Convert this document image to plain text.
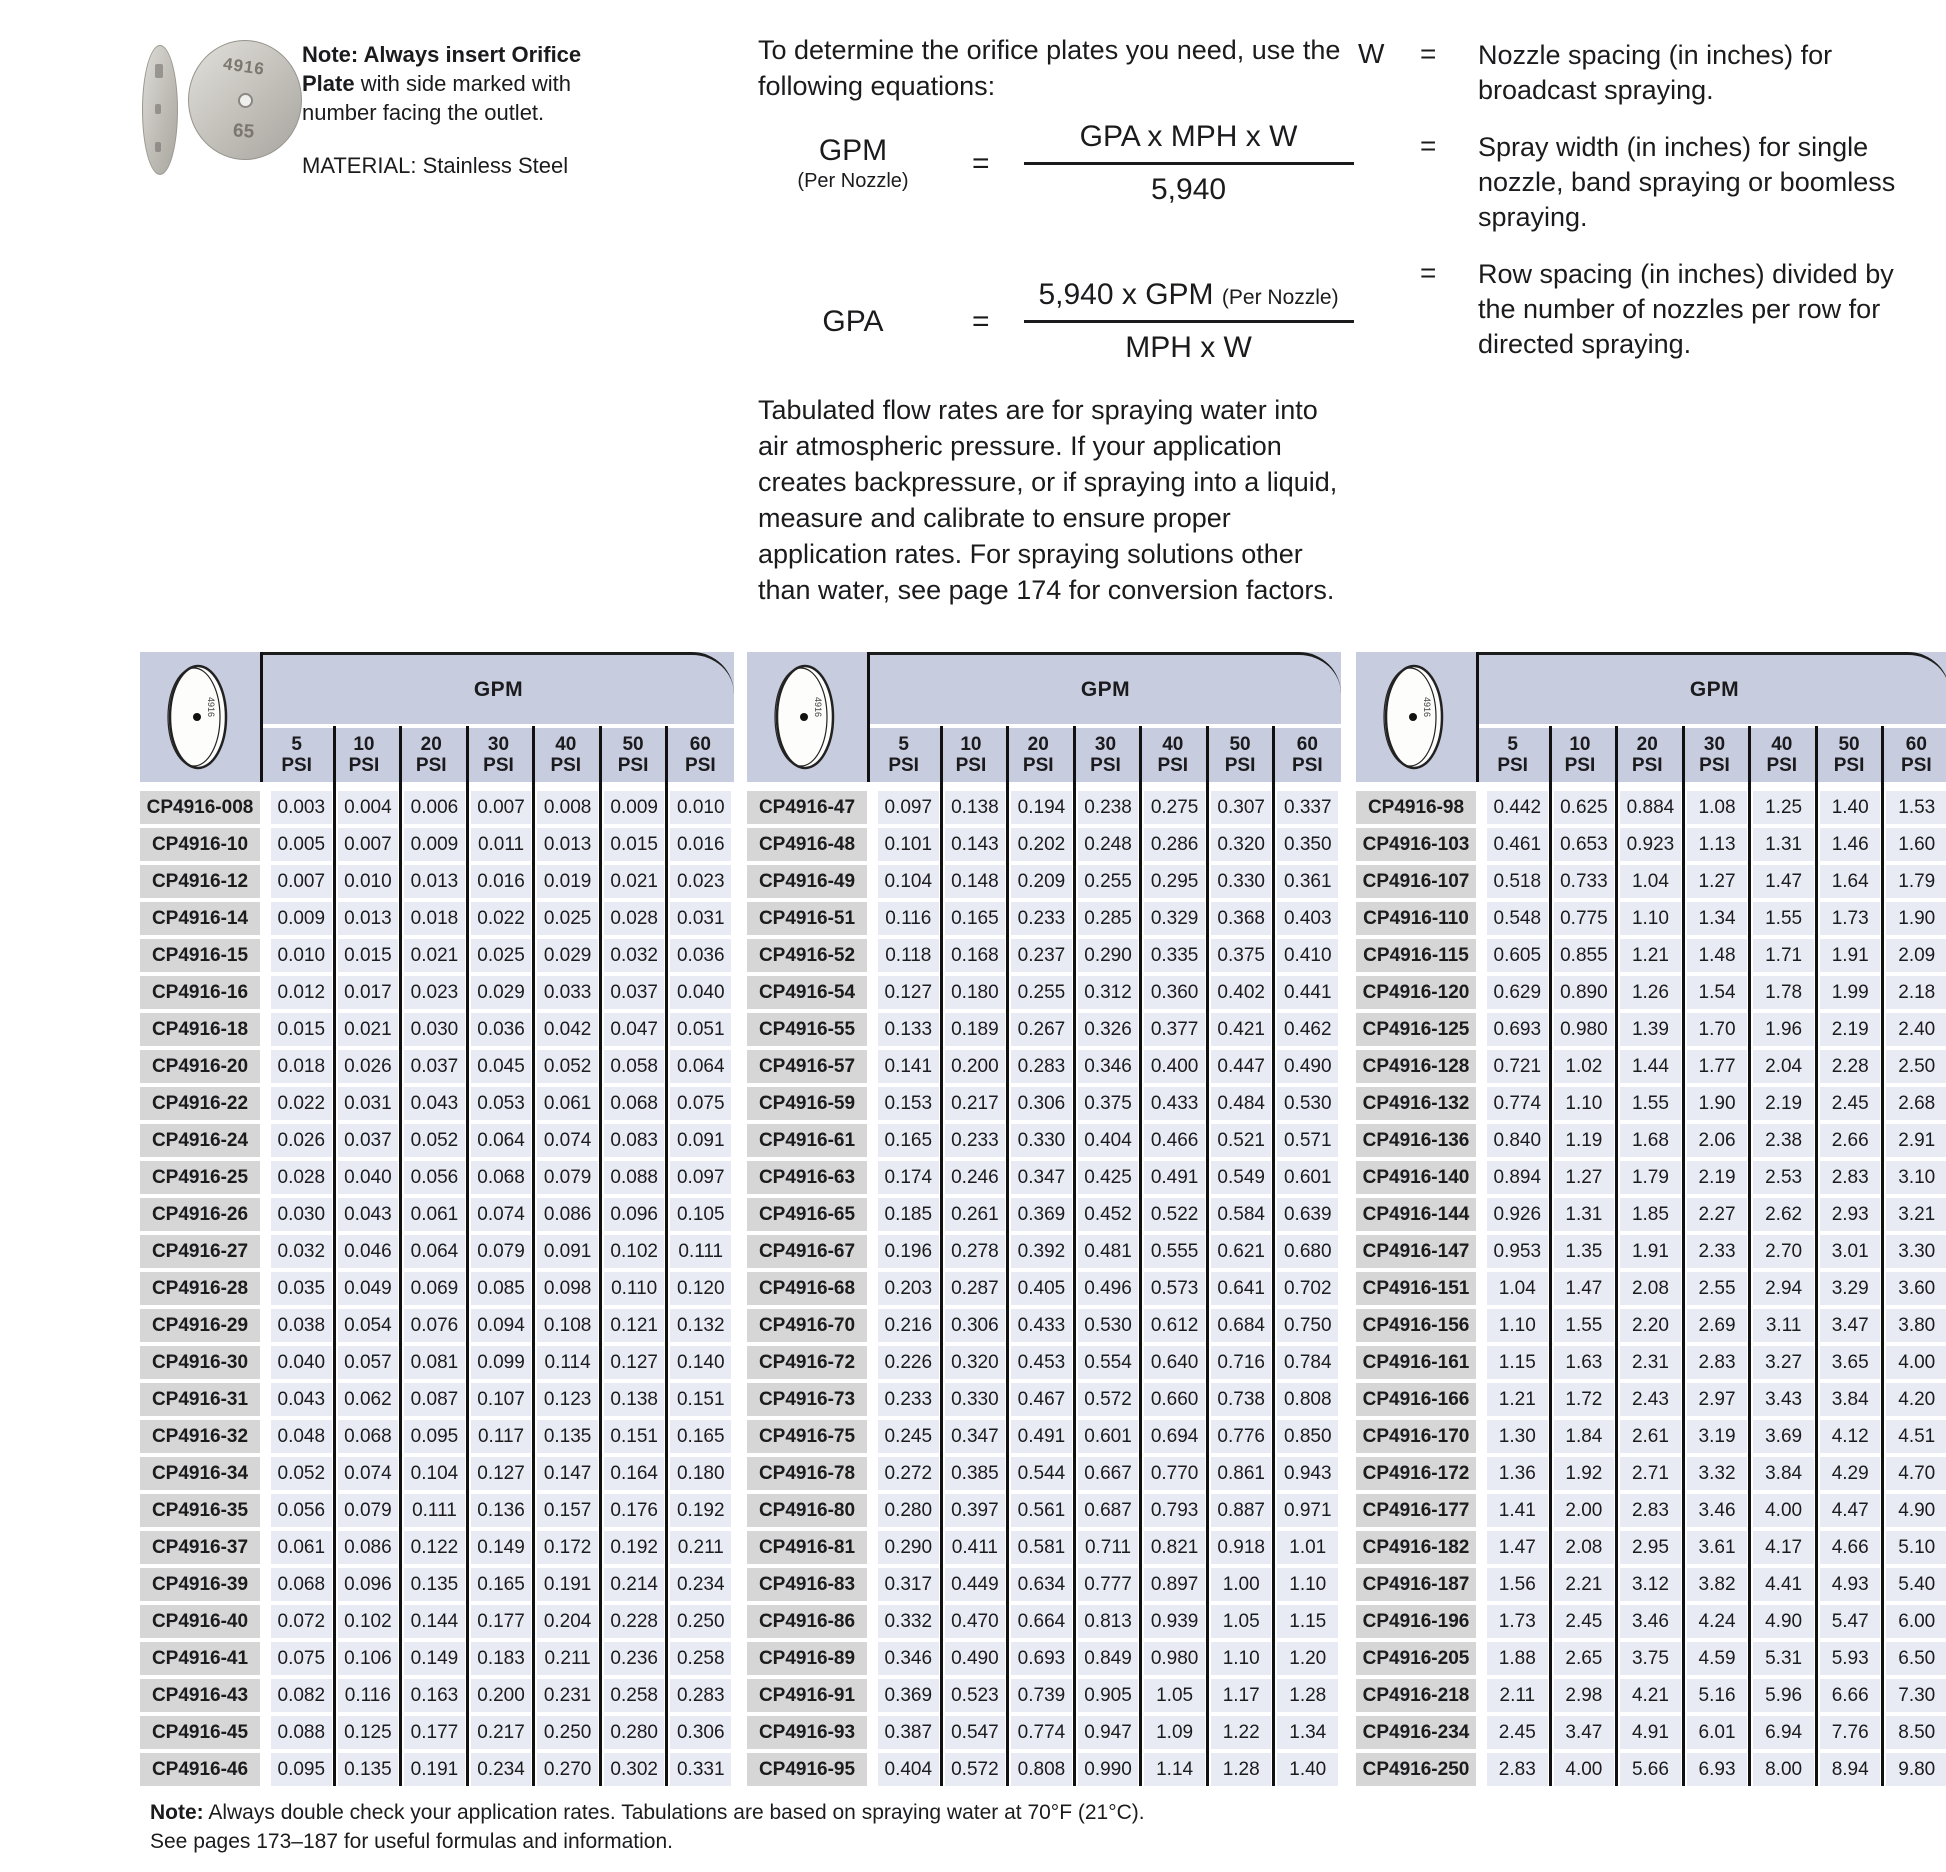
4916
65
Note: Always insert Orifice Plate with side marked with number facing the outlet.
MATERIAL: Stainless Steel
To determine the orifice plates you need, use the following equations:
GPM
(Per Nozzle)
= $\frac{\text{GPA x MPH x W}}{5,940}$
GPA	= $\frac{\text{5,940 x GPM (Per Nozzle)}}{\text{MPH x W}}$
Tabulated flow rates are for spraying water into air atmospheric pressure. If your application creates backpressure, or if spraying into a liquid, measure and calibrate to ensure proper application rates. For spraying solutions other than water, see page 174 for conversion factors.
W	=	Nozzle spacing (in inches) for broadcast spraying.
=	Spray width (in inches) for single nozzle, band spraying or boomless spraying.
=	Row spacing (in inches) divided by the number of nozzles per row for directed spraying.
4916
GPM
5
PSI
10
PSI
20
PSI
30
PSI
40
PSI
50
PSI
60
PSI
CP4916-008	0.003	0.004	0.006	0.007	0.008	0.009	0.010
CP4916-10	0.005	0.007	0.009	0.011	0.013	0.015	0.016
CP4916-12	0.007	0.010	0.013	0.016	0.019	0.021	0.023
CP4916-14	0.009	0.013	0.018	0.022	0.025	0.028	0.031
CP4916-15	0.010	0.015	0.021	0.025	0.029	0.032	0.036
CP4916-16	0.012	0.017	0.023	0.029	0.033	0.037	0.040
CP4916-18	0.015	0.021	0.030	0.036	0.042	0.047	0.051
CP4916-20	0.018	0.026	0.037	0.045	0.052	0.058	0.064
CP4916-22	0.022	0.031	0.043	0.053	0.061	0.068	0.075
CP4916-24	0.026	0.037	0.052	0.064	0.074	0.083	0.091
CP4916-25	0.028	0.040	0.056	0.068	0.079	0.088	0.097
CP4916-26	0.030	0.043	0.061	0.074	0.086	0.096	0.105
CP4916-27	0.032	0.046	0.064	0.079	0.091	0.102	0.111
CP4916-28	0.035	0.049	0.069	0.085	0.098	0.110	0.120
CP4916-29	0.038	0.054	0.076	0.094	0.108	0.121	0.132
CP4916-30	0.040	0.057	0.081	0.099	0.114	0.127	0.140
CP4916-31	0.043	0.062	0.087	0.107	0.123	0.138	0.151
CP4916-32	0.048	0.068	0.095	0.117	0.135	0.151	0.165
CP4916-34	0.052	0.074	0.104	0.127	0.147	0.164	0.180
CP4916-35	0.056	0.079	0.111	0.136	0.157	0.176	0.192
CP4916-37	0.061	0.086	0.122	0.149	0.172	0.192	0.211
CP4916-39	0.068	0.096	0.135	0.165	0.191	0.214	0.234
CP4916-40	0.072	0.102	0.144	0.177	0.204	0.228	0.250
CP4916-41	0.075	0.106	0.149	0.183	0.211	0.236	0.258
CP4916-43	0.082	0.116	0.163	0.200	0.231	0.258	0.283
CP4916-45	0.088	0.125	0.177	0.217	0.250	0.280	0.306
CP4916-46	0.095	0.135	0.191	0.234	0.270	0.302	0.331
4916
GPM
5
PSI
10
PSI
20
PSI
30
PSI
40
PSI
50
PSI
60
PSI
CP4916-47	0.097	0.138	0.194	0.238	0.275	0.307	0.337
CP4916-48	0.101	0.143	0.202	0.248	0.286	0.320	0.350
CP4916-49	0.104	0.148	0.209	0.255	0.295	0.330	0.361
CP4916-51	0.116	0.165	0.233	0.285	0.329	0.368	0.403
CP4916-52	0.118	0.168	0.237	0.290	0.335	0.375	0.410
CP4916-54	0.127	0.180	0.255	0.312	0.360	0.402	0.441
CP4916-55	0.133	0.189	0.267	0.326	0.377	0.421	0.462
CP4916-57	0.141	0.200	0.283	0.346	0.400	0.447	0.490
CP4916-59	0.153	0.217	0.306	0.375	0.433	0.484	0.530
CP4916-61	0.165	0.233	0.330	0.404	0.466	0.521	0.571
CP4916-63	0.174	0.246	0.347	0.425	0.491	0.549	0.601
CP4916-65	0.185	0.261	0.369	0.452	0.522	0.584	0.639
CP4916-67	0.196	0.278	0.392	0.481	0.555	0.621	0.680
CP4916-68	0.203	0.287	0.405	0.496	0.573	0.641	0.702
CP4916-70	0.216	0.306	0.433	0.530	0.612	0.684	0.750
CP4916-72	0.226	0.320	0.453	0.554	0.640	0.716	0.784
CP4916-73	0.233	0.330	0.467	0.572	0.660	0.738	0.808
CP4916-75	0.245	0.347	0.491	0.601	0.694	0.776	0.850
CP4916-78	0.272	0.385	0.544	0.667	0.770	0.861	0.943
CP4916-80	0.280	0.397	0.561	0.687	0.793	0.887	0.971
CP4916-81	0.290	0.411	0.581	0.711	0.821	0.918	1.01
CP4916-83	0.317	0.449	0.634	0.777	0.897	1.00	1.10
CP4916-86	0.332	0.470	0.664	0.813	0.939	1.05	1.15
CP4916-89	0.346	0.490	0.693	0.849	0.980	1.10	1.20
CP4916-91	0.369	0.523	0.739	0.905	1.05	1.17	1.28
CP4916-93	0.387	0.547	0.774	0.947	1.09	1.22	1.34
CP4916-95	0.404	0.572	0.808	0.990	1.14	1.28	1.40
4916
GPM
5
PSI
10
PSI
20
PSI
30
PSI
40
PSI
50
PSI
60
PSI
CP4916-98	0.442	0.625	0.884	1.08	1.25	1.40	1.53
CP4916-103	0.461	0.653	0.923	1.13	1.31	1.46	1.60
CP4916-107	0.518	0.733	1.04	1.27	1.47	1.64	1.79
CP4916-110	0.548	0.775	1.10	1.34	1.55	1.73	1.90
CP4916-115	0.605	0.855	1.21	1.48	1.71	1.91	2.09
CP4916-120	0.629	0.890	1.26	1.54	1.78	1.99	2.18
CP4916-125	0.693	0.980	1.39	1.70	1.96	2.19	2.40
CP4916-128	0.721	1.02	1.44	1.77	2.04	2.28	2.50
CP4916-132	0.774	1.10	1.55	1.90	2.19	2.45	2.68
CP4916-136	0.840	1.19	1.68	2.06	2.38	2.66	2.91
CP4916-140	0.894	1.27	1.79	2.19	2.53	2.83	3.10
CP4916-144	0.926	1.31	1.85	2.27	2.62	2.93	3.21
CP4916-147	0.953	1.35	1.91	2.33	2.70	3.01	3.30
CP4916-151	1.04	1.47	2.08	2.55	2.94	3.29	3.60
CP4916-156	1.10	1.55	2.20	2.69	3.11	3.47	3.80
CP4916-161	1.15	1.63	2.31	2.83	3.27	3.65	4.00
CP4916-166	1.21	1.72	2.43	2.97	3.43	3.84	4.20
CP4916-170	1.30	1.84	2.61	3.19	3.69	4.12	4.51
CP4916-172	1.36	1.92	2.71	3.32	3.84	4.29	4.70
CP4916-177	1.41	2.00	2.83	3.46	4.00	4.47	4.90
CP4916-182	1.47	2.08	2.95	3.61	4.17	4.66	5.10
CP4916-187	1.56	2.21	3.12	3.82	4.41	4.93	5.40
CP4916-196	1.73	2.45	3.46	4.24	4.90	5.47	6.00
CP4916-205	1.88	2.65	3.75	4.59	5.31	5.93	6.50
CP4916-218	2.11	2.98	4.21	5.16	5.96	6.66	7.30
CP4916-234	2.45	3.47	4.91	6.01	6.94	7.76	8.50
CP4916-250	2.83	4.00	5.66	6.93	8.00	8.94	9.80
Note: Always double check your application rates. Tabulations are based on spraying water at 70°F (21°C).
See pages 173–187 for useful formulas and information.
